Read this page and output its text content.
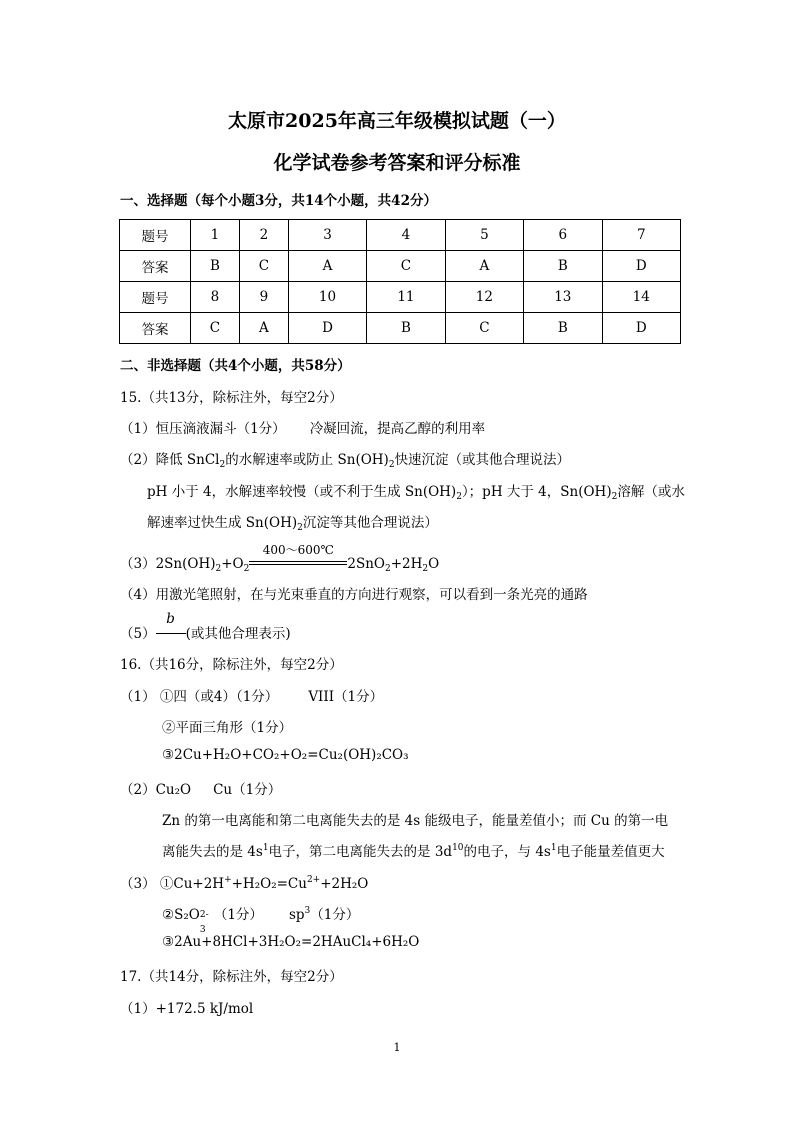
太原市2025年高三年级模拟试题（一）
化学试卷参考答案和评分标准
一、选择题（每个小题3分，共14个小题，共42分）
题号	1	2	3	4	5	6	7
答案	B	C	A	C	A	B	D
题号	8	9	10	11	12	13	14
答案	C	A	D	B	C	B	D
二、非选择题（共4个小题，共58分）
15.（共13分，除标注外，每空2分）
（1）恒压滴液漏斗（1分） 冷凝回流，提高乙醇的利用率
（2）降低 SnCl$_2$的水解速率或防止 $Sn(OH)_2$快速沉淀（或其他合理说法）
pH 小于 4，水解速率较慢（或不利于生成 $Sn(OH)_2$）；pH 大于 4，$Sn(OH)_2$溶解（或水
解速率过快生成 $Sn(OH)_2$沉淀等其他合理说法）
$(3)2Sn(OH)_2+O_2$
400～600℃
$2SnO_2+2H_2O$
（4）用激光笔照射，在与光束垂直的方向进行观察，可以看到一条光亮的通路
（5）
b
(或其他合理表示)
16.（共16分，除标注外，每空2分）
（1） ①四（或4）（1分） VIII（1分）
②平面三角形（1分）
③2Cu+H₂O+CO₂+O₂=Cu₂(OH)₂CO₃
（2）Cu₂O Cu（1分）
Zn 的第一电离能和第二电离能失去的是 4s 能级电子，能量差值小；而 Cu 的第一电
离能失去的是 $4s^1$电子，第二电离能失去的是 $3d^{10}$的电子，与 $4s^1$电子能量差值更大
（3） $①Cu+2H^++H_2O_2=Cu^{2+}+2H_2O$
②S₂O 2-
3
（1分） $sp^3(1$分）
③2Au+8HCl+3H₂O₂=2HAuCl₄+6H₂O
17.（共14分，除标注外，每空2分）
（1）+172.5 kJ/mol
1
